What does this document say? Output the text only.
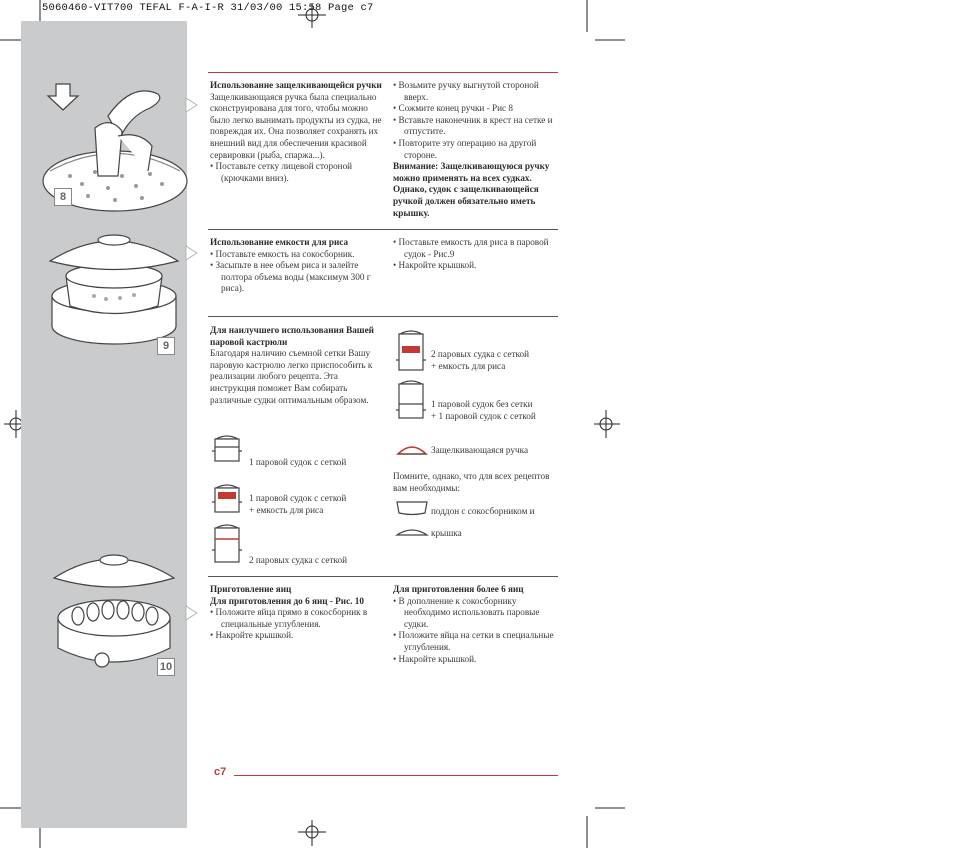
5060460-VIT700 TEFAL F-A-I-R 31/03/00 15:58 Page c7
8
9
10
Использование защелкивающейся ручки
Защелкивающаяся ручка была специально сконструирована для того, чтобы можно было легко вынимать продукты из судка, не повреждая их. Она позволяет сохранять их внешний вид для обеспечения красивой сервировки (рыба, спаржа...).
• Поставьте сетку лицевой стороной (крючками вниз).
• Возьмите ручку выгнутой стороной вверх.
• Сожмите конец ручки - Рис 8
• Вставьте наконечник в крест на сетке и отпустите.
• Повторите эту операцию на другой стороне.
Внимание: Защелкивающуюся ручку можно применять на всех судках. Однако, судок с защелкивающейся ручкой должен обязательно иметь крышку.
Использование емкости для риса
• Поставьте емкость на сокосборник.
• Засыпьте в нее объем риса и залейте полтора объема воды (максимум 300 г риса).
• Поставьте емкость для риса в паровой судок - Рис.9
• Накройте крышкой.
Для наилучшего использования Вашей паровой кастрюли
Благодаря наличию съемной сетки Вашу паровую кастрюлю легко приспособить к реализации любого рецепта. Эта инструкция поможет Вам собирать различные судки оптимальным образом.
1 паровой судок с сеткой
1 паровой судок с сеткой
+ емкость для риса
2 паровых судка с сеткой
2 паровых судка с сеткой
+ емкость для риса
1 паровой судок без сетки
+ 1 паровой судок с сеткой
Защелкивающаяся ручка
Помните, однако, что для всех рецептов вам необходимы:
поддон с сокосборником и
крышка
Приготовление яиц
Для приготовления до 6 яиц - Рис. 10
• Положите яйца прямо в сокосборник в специальные углубления.
• Накройте крышкой.
Для приготовления более 6 яиц
• В дополнение к сокосборнику необходимо использовать паровые судки.
• Положите яйца на сетки в специальные углубления.
• Накройте крышкой.
c7
